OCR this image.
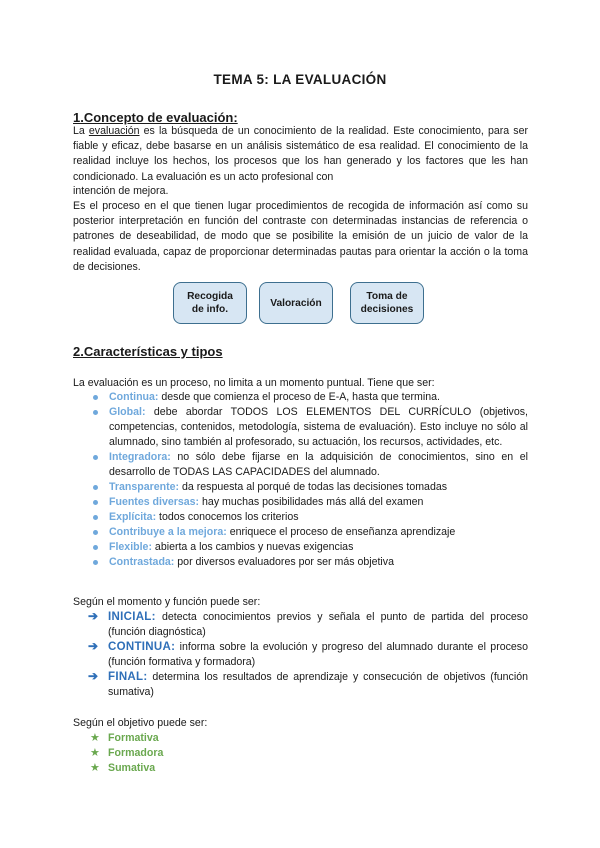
TEMA 5: LA EVALUACIÓN
1.Concepto de evaluación:
La evaluación es la búsqueda de un conocimiento de la realidad. Este conocimiento, para ser fiable y eficaz, debe basarse en un análisis sistemático de esa realidad. El conocimiento de la realidad incluye los hechos, los procesos que los han generado y los factores que les han condicionado. La evaluación es un acto profesional con
intención de mejora.
Es el proceso en el que tienen lugar procedimientos de recogida de información así como su posterior interpretación en función del contraste con determinadas instancias de referencia o patrones de deseabilidad, de modo que se posibilite la emisión de un juicio de valor de la realidad evaluada, capaz de proporcionar determinadas pautas para orientar la acción o la toma de decisiones.
Recogida
de info.
Valoración
Toma de
decisiones
2.Características y tipos
La evaluación es un proceso, no limita a un momento puntual. Tiene que ser:
Continua: desde que comienza el proceso de E-A, hasta que termina.
Global: debe abordar TODOS LOS ELEMENTOS DEL CURRÍCULO (objetivos, competencias, contenidos, metodología, sistema de evaluación). Esto incluye no sólo al alumnado, sino también al profesorado, su actuación, los recursos, actividades, etc.
Integradora: no sólo debe fijarse en la adquisición de conocimientos, sino en el desarrollo de TODAS LAS CAPACIDADES del alumnado.
Transparente: da respuesta al porqué de todas las decisiones tomadas
Fuentes diversas: hay muchas posibilidades más allá del examen
Explícita: todos conocemos los criterios
Contribuye a la mejora: enriquece el proceso de enseñanza aprendizaje
Flexible: abierta a los cambios y nuevas exigencias
Contrastada: por diversos evaluadores por ser más objetiva
Según el momento y función puede ser:
➔ INICIAL: detecta conocimientos previos y señala el punto de partida del proceso (función diagnóstica)
➔ CONTINUA: informa sobre la evolución y progreso del alumnado durante el proceso (función formativa y formadora)
➔ FINAL: determina los resultados de aprendizaje y consecución de objetivos (función sumativa)
Según el objetivo puede ser:
★ Formativa
★ Formadora
★ Sumativa
